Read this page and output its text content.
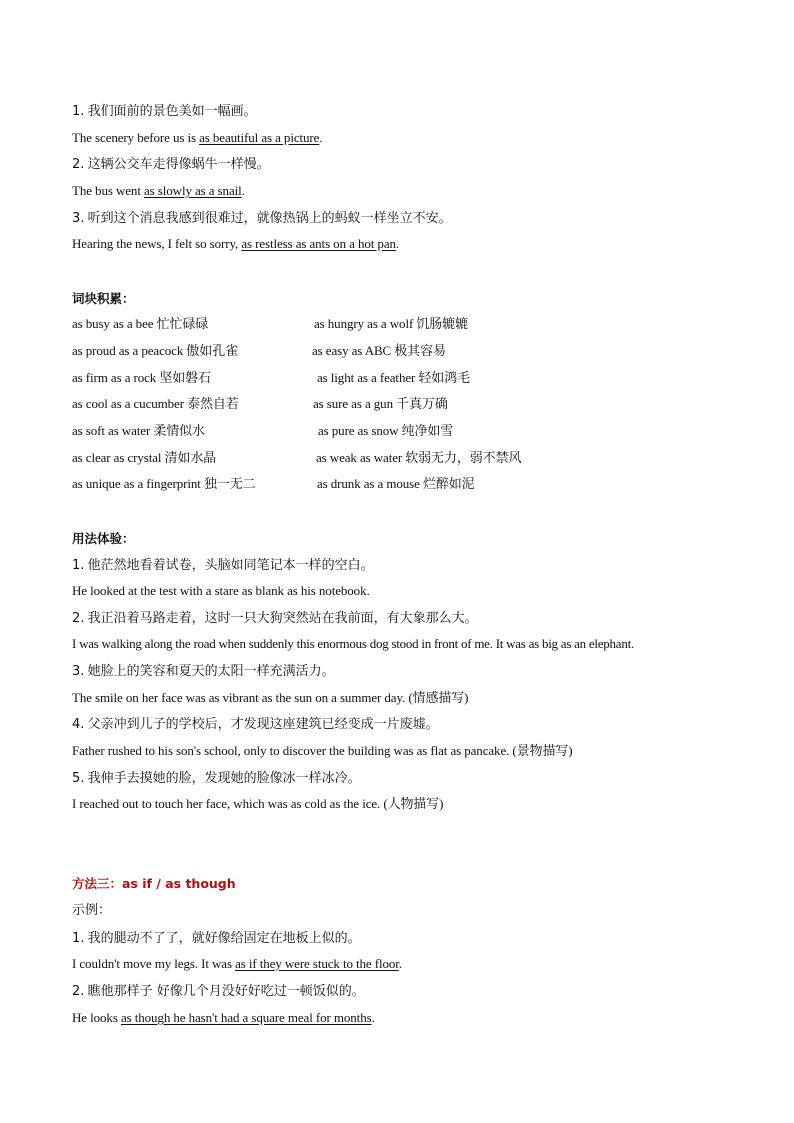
1. 我们面前的景色美如一幅画。
The scenery before us is as beautiful as a picture.
2. 这辆公交车走得像蜗牛一样慢。
The bus went as slowly as a snail.
3. 听到这个消息我感到很难过，就像热锅上的蚂蚁一样坐立不安。
Hearing the news, I felt so sorry, as restless as ants on a hot pan.
词块积累：
as busy as a bee 忙忙碌碌	as hungry as a wolf 饥肠辘辘
as proud as a peacock 傲如孔雀	as easy as ABC 极其容易
as firm as a rock 坚如磐石	as light as a feather 轻如鸿毛
as cool as a cucumber 泰然自若	as sure as a gun 千真万确
as soft as water 柔情似水	as pure as snow 纯净如雪
as clear as crystal 清如水晶	as weak as water 软弱无力，弱不禁风
as unique as a fingerprint 独一无二	as drunk as a mouse 烂醉如泥
用法体验：
1. 他茫然地看着试卷，头脑如同笔记本一样的空白。
He looked at the test with a stare as blank as his notebook.
2. 我正沿着马路走着，这时一只大狗突然站在我前面，有大象那么大。
I was walking along the road when suddenly this enormous dog stood in front of me. It was as big as an elephant.
3. 她脸上的笑容和夏天的太阳一样充满活力。
The smile on her face was as vibrant as the sun on a summer day. (情感描写)
4. 父亲冲到儿子的学校后，才发现这座建筑已经变成一片废墟。
Father rushed to his son's school, only to discover the building was as flat as pancake. (景物描写)
5. 我伸手去摸她的脸，发现她的脸像冰一样冰冷。
I reached out to touch her face, which was as cold as the ice. (人物描写)
方法三：as if / as though
示例：
1. 我的腿动不了了，就好像给固定在地板上似的。
I couldn't move my legs. It was as if they were stuck to the floor.
2. 瞧他那样子 好像几个月没好好吃过一顿饭似的。
He looks as though he hasn't had a square meal for months.
